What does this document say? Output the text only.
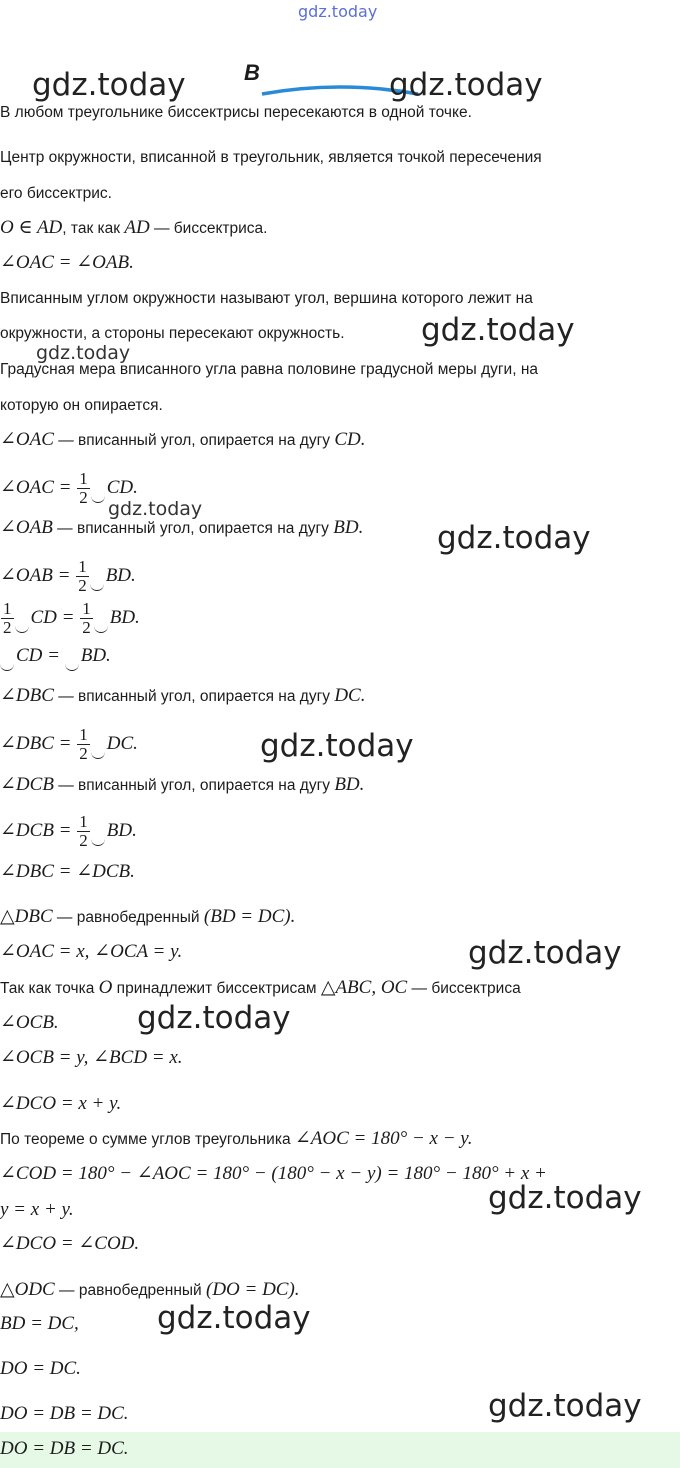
gdz.today
B
gdz.today	gdz.today
gdz.today
gdz.today
gdz.today
gdz.today
gdz.today
gdz.today
gdz.today
gdz.today
gdz.today
gdz.today
В любом треугольнике биссектрисы пересекаются в одной точке.
Центр окружности, вписанной в треугольник, является точкой пересечения
его биссектрис.
O ∈ AD, так как AD — биссектриса.
∠OAC = ∠OAB.
Вписанным углом окружности называют угол, вершина которого лежит на
окружности, а стороны пересекают окружность.
Градусная мера вписанного угла равна половине градусной меры дуги, на
которую он опирается.
∠OAC — вписанный угол, опирается на дугу CD.
∠OAC = $\frac{1}{2}$ CD.
∠OAB — вписанный угол, опирается на дугу BD.
∠OAB = $\frac{1}{2}$ BD.
$\frac{1}{2}$ CD = $\frac{1}{2}$ BD.
CD = BD.
∠DBC — вписанный угол, опирается на дугу DC.
∠DBC = $\frac{1}{2}$ DC.
∠DCB — вписанный угол, опирается на дугу BD.
∠DCB = $\frac{1}{2}$ BD.
∠DBC = ∠DCB.
△DBC — равнобедренный (BD = DC).
∠OAC = x, ∠OCA = y.
Так как точка O принадлежит биссектрисам △ABC, OC — биссектриса
∠OCB.
∠OCB = y, ∠BCD = x.
∠DCO = x + y.
По теореме о сумме углов треугольника ∠AOC = 180° − x − y.
∠COD = 180° − ∠AOC = 180° − (180° − x − y) = 180° − 180° + x +
y = x + y.
∠DCO = ∠COD.
△ODC — равнобедренный (DO = DC).
BD = DC,
DO = DC.
DO = DB = DC.
DO = DB = DC.
